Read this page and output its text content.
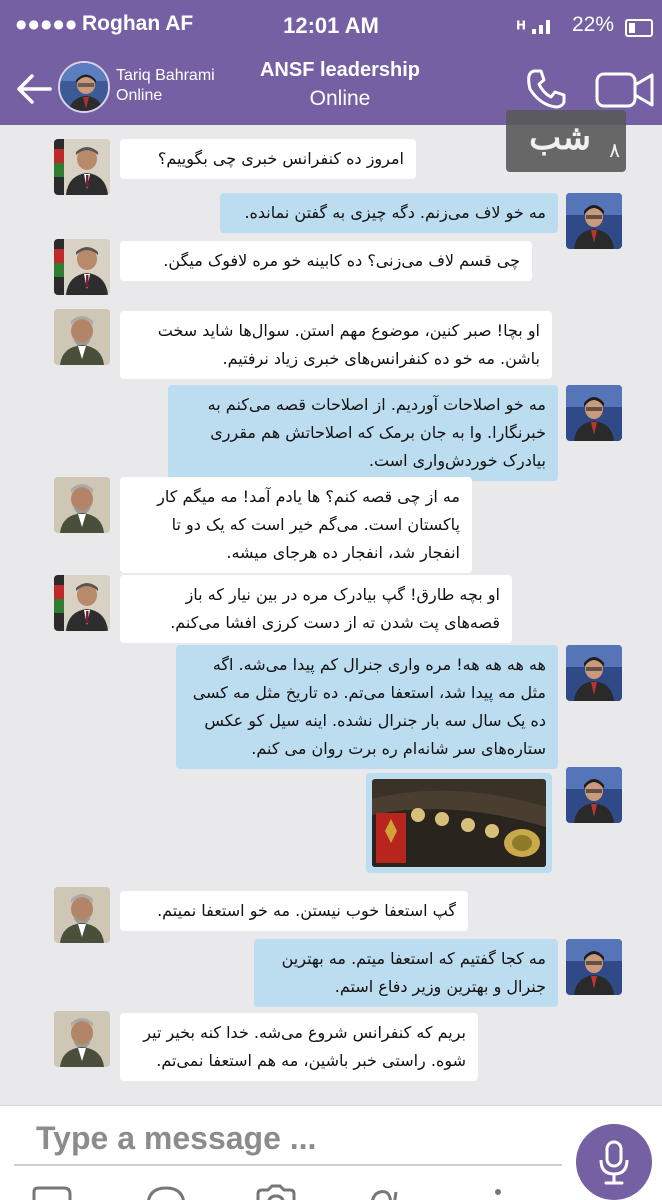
●●●●● Roghan AF	12:01 AM	H	22%
Tariq Bahrami
Online
ANSF leadership
Online
امروز ده کنفرانس خبری چی بگوییم؟
مه خو لاف می‌زنم. دگه چیزی به گفتن نمانده.
چی قسم لاف می‌زنی؟ ده کابینه خو مره لافوک میگن.
او بچا! صبر کنین، موضوع مهم استن. سوال‌ها شاید سخت باشن. مه خو ده کنفرانس‌های خبری زیاد نرفتیم.
مه خو اصلاحات آوردیم. از اصلاحات قصه می‌کنم به خبرنگارا. وا به جان برمک که اصلاحاتش هم مقرری بیادرک خوردش‌واری است.
مه از چی قصه کنم؟ ها یادم آمد! مه میگم کار پاکستان است. می‌گم خیر است که یک دو تا انفجار شد، انفجار ده هرجای میشه.
او بچه طارق! گپ بیادرک مره در بین نیار که باز قصه‌های پت شدن ته از دست کرزی افشا می‌کنم.
هه هه هه هه! مره واری جنرال کم پیدا می‌شه. اگه مثل مه پیدا شد، استعفا می‌تم. ده تاریخ مثل مه کسی ده یک سال سه بار جنرال نشده. اینه سیل کو عکس ستاره‌های سر شانه‌ام ره برت روان می کنم.
گپ استعفا خوب نیستن. مه خو استعفا نمیتم.
مه کجا گفتیم که استعفا میتم. مه بهترین جنرال و بهترین وزیر دفاع استم.
بریم که کنفرانس شروع می‌شه. خدا کنه بخیر تیر شوه. راستی خبر باشین، مه هم استعفا نمی‌تم.
شب ۸
Type a message ...
